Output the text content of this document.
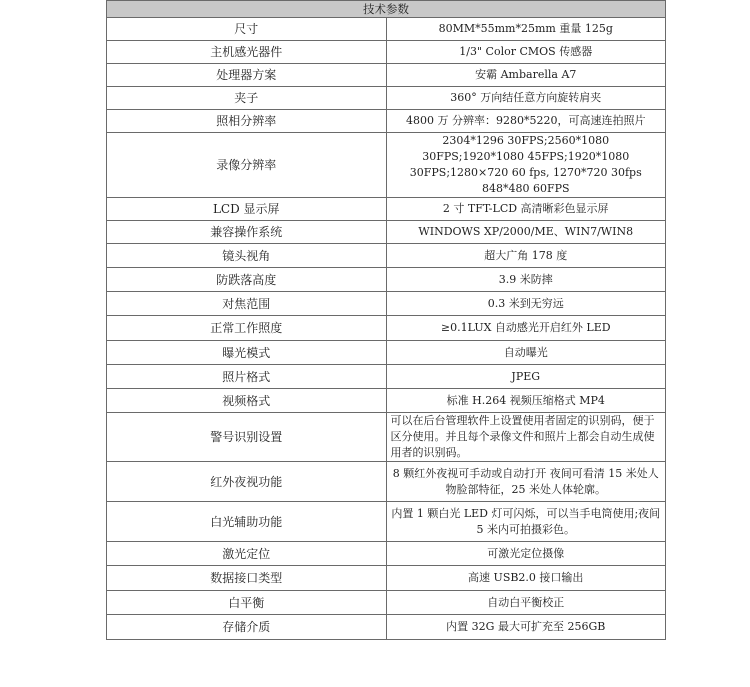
技术参数	
尺寸	80MM*55mm*25mm 重量 125g
主机感光器件	1/3" Color CMOS 传感器
处理器方案	安霸 Ambarella A7
夹子	360° 万向结任意方向旋转肩夹
照相分辨率	4800 万 分辨率：9280*5220，可高速连拍照片
录像分辨率	2304*1296 30FPS;2560*1080 30FPS;1920*1080 45FPS;1920*1080 30FPS;1280×720 60 fps, 1270*720 30fps 848*480 60FPS
LCD 显示屏	2 寸 TFT-LCD 高清晰彩色显示屏
兼容操作系统	WINDOWS XP/2000/ME、WIN7/WIN8
镜头视角	超大广角 178 度
防跌落高度	3.9 米防摔
对焦范围	0.3 米到无穷远
正常工作照度	≥0.1LUX 自动感光开启红外 LED
曝光模式	自动曝光
照片格式	JPEG
视频格式	标准 H.264 视频压缩格式 MP4
警号识别设置	可以在后台管理软件上设置使用者固定的识别码，便于区分使用。并且每个录像文件和照片上都会自动生成使用者的识别码。
红外夜视功能	8 颗红外夜视可手动或自动打开 夜间可看清 15 米处人物脸部特征，25 米处人体轮廓。
白光辅助功能	内置 1 颗白光 LED 灯可闪烁，可以当手电筒使用;夜间 5 米内可拍摄彩色。
激光定位	可激光定位摄像
数据接口类型	高速 USB2.0 接口输出
白平衡	自动白平衡校正
存储介质	内置 32G 最大可扩充至 256GB
